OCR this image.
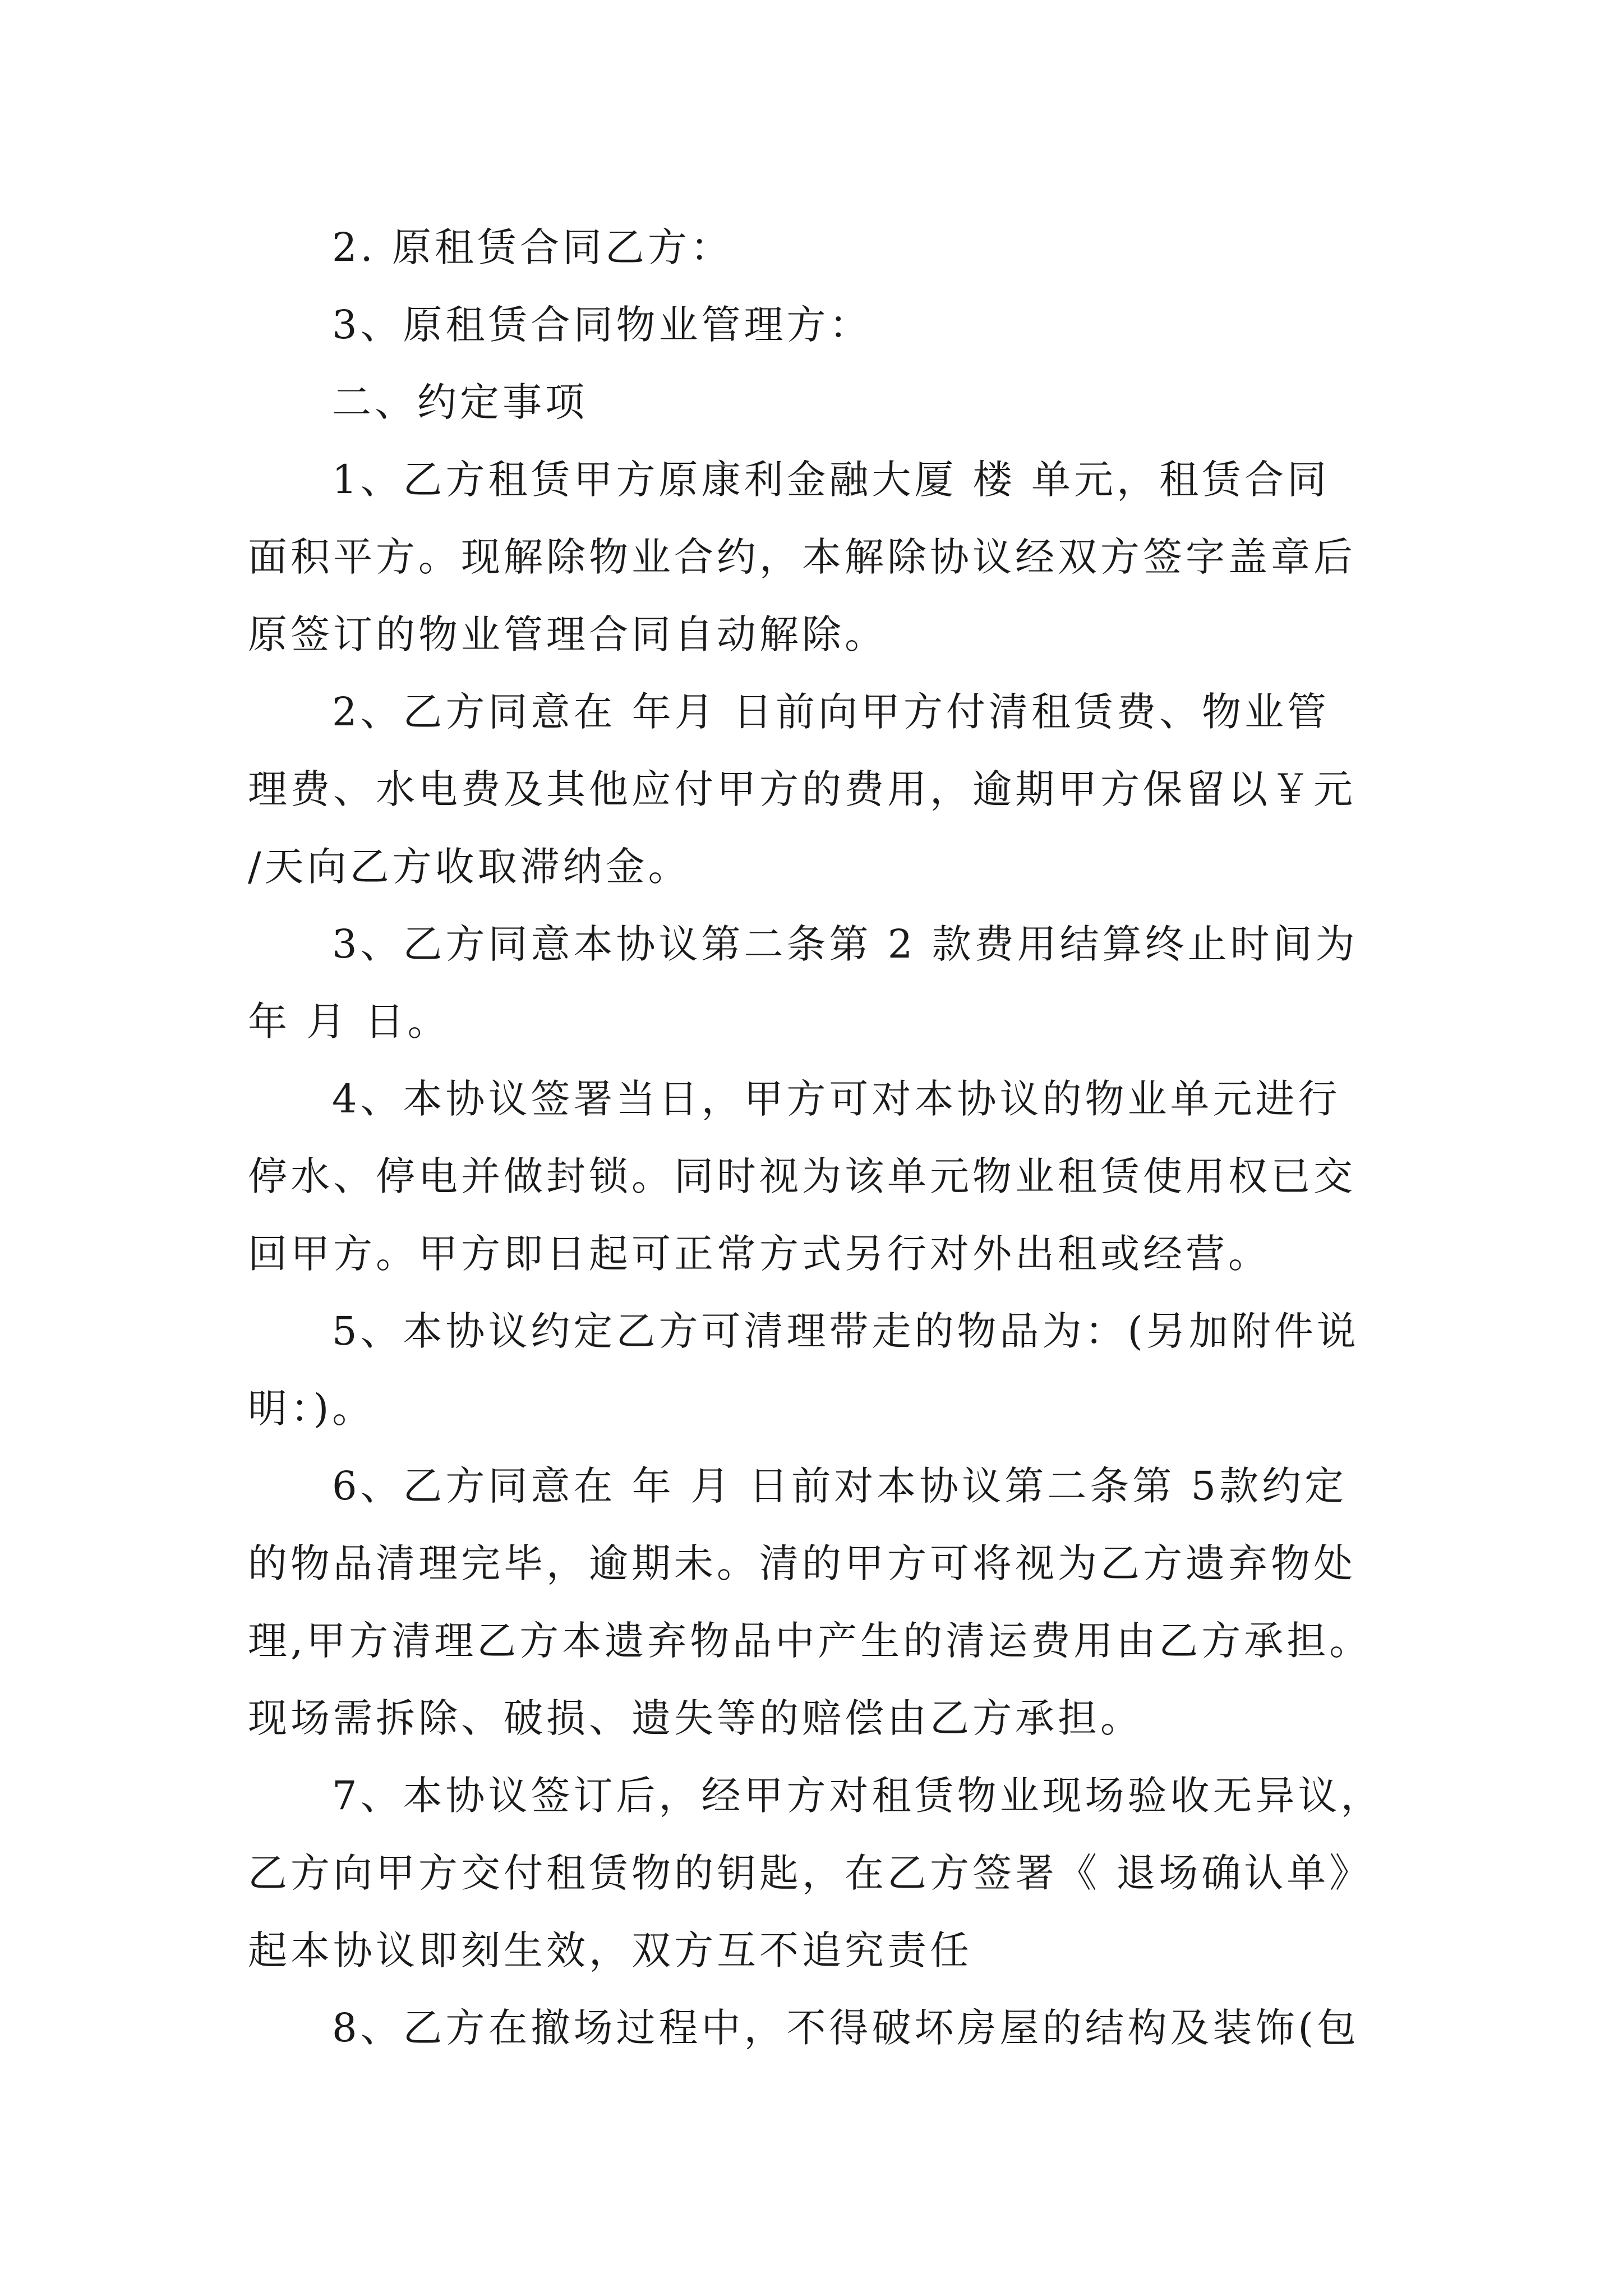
2. 原租赁合同乙方：
3、原租赁合同物业管理方：
二、约定事项
1、乙方租赁甲方原康利金融大厦 楼 单元，租赁合同
面积平方。现解除物业合约，本解除协议经双方签字盖章后
原签订的物业管理合同自动解除。
2、乙方同意在 年月 日前向甲方付清租赁费、物业管
理费、水电费及其他应付甲方的费用，逾期甲方保留以￥元
/天向乙方收取滞纳金。
3、乙方同意本协议第二条第 2 款费用结算终止时间为
年 月 日。
4、本协议签署当日，甲方可对本协议的物业单元进行
停水、停电并做封锁。同时视为该单元物业租赁使用权已交
回甲方。甲方即日起可正常方式另行对外出租或经营。
5、本协议约定乙方可清理带走的物品为：(另加附件说
明：)。
6、乙方同意在 年 月 日前对本协议第二条第 5款约定
的物品清理完毕，逾期未。清的甲方可将视为乙方遗弃物处
理,甲方清理乙方本遗弃物品中产生的清运费用由乙方承担。
现场需拆除、破损、遗失等的赔偿由乙方承担。
7、本协议签订后，经甲方对租赁物业现场验收无异议，
乙方向甲方交付租赁物的钥匙，在乙方签署《 退场确认单》
起本协议即刻生效，双方互不追究责任
8、乙方在撤场过程中，不得破坏房屋的结构及装饰(包
